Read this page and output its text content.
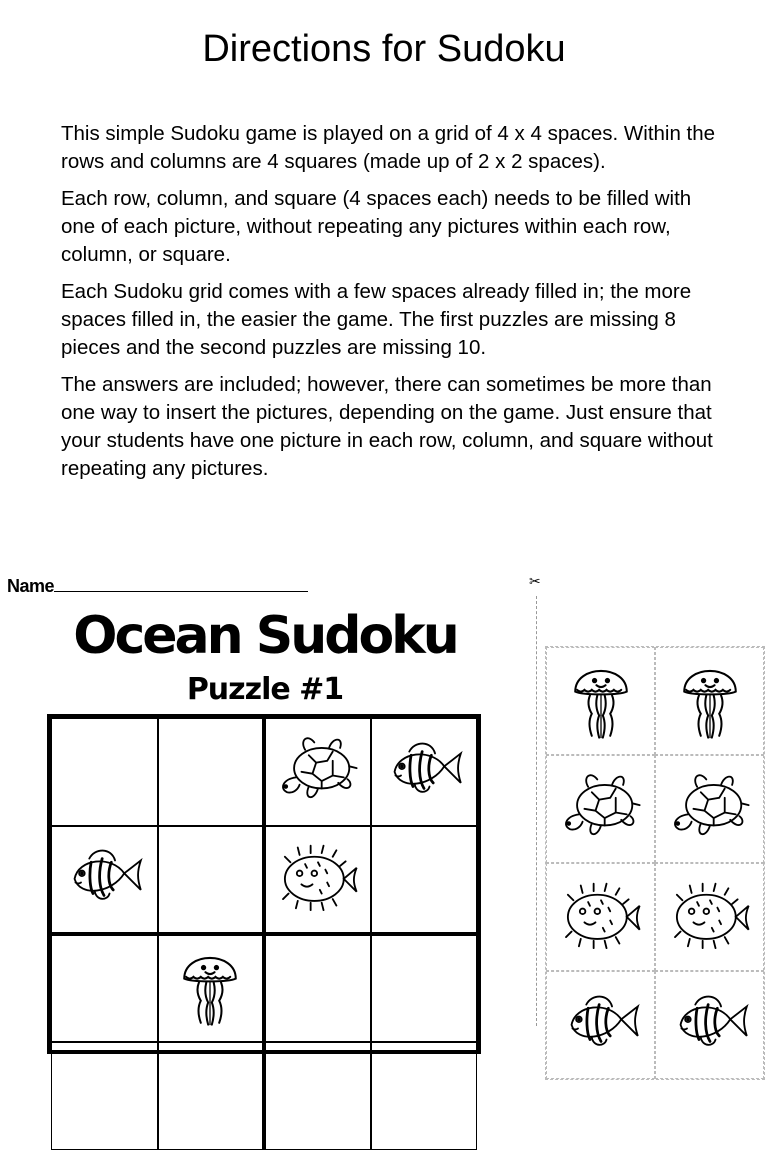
Directions for Sudoku

This simple Sudoku game is played on a grid of 4 x 4 spaces. Within the rows and columns are 4 squares (made up of 2 x 2 spaces).

Each row, column, and square (4 spaces each) needs to be filled with one of each picture, without repeating any pictures within each row, column, or square.

Each Sudoku grid comes with a few spaces already filled in; the more spaces filled in, the easier the game. The first puzzles are missing 8 pieces and the second puzzles are missing 10.

The answers are included; however, there can sometimes be more than one way to insert the pictures, depending on the game. Just ensure that your students have one picture in each row, column, and square without repeating any pictures.

Name
Ocean Sudoku
Puzzle #1
✂
